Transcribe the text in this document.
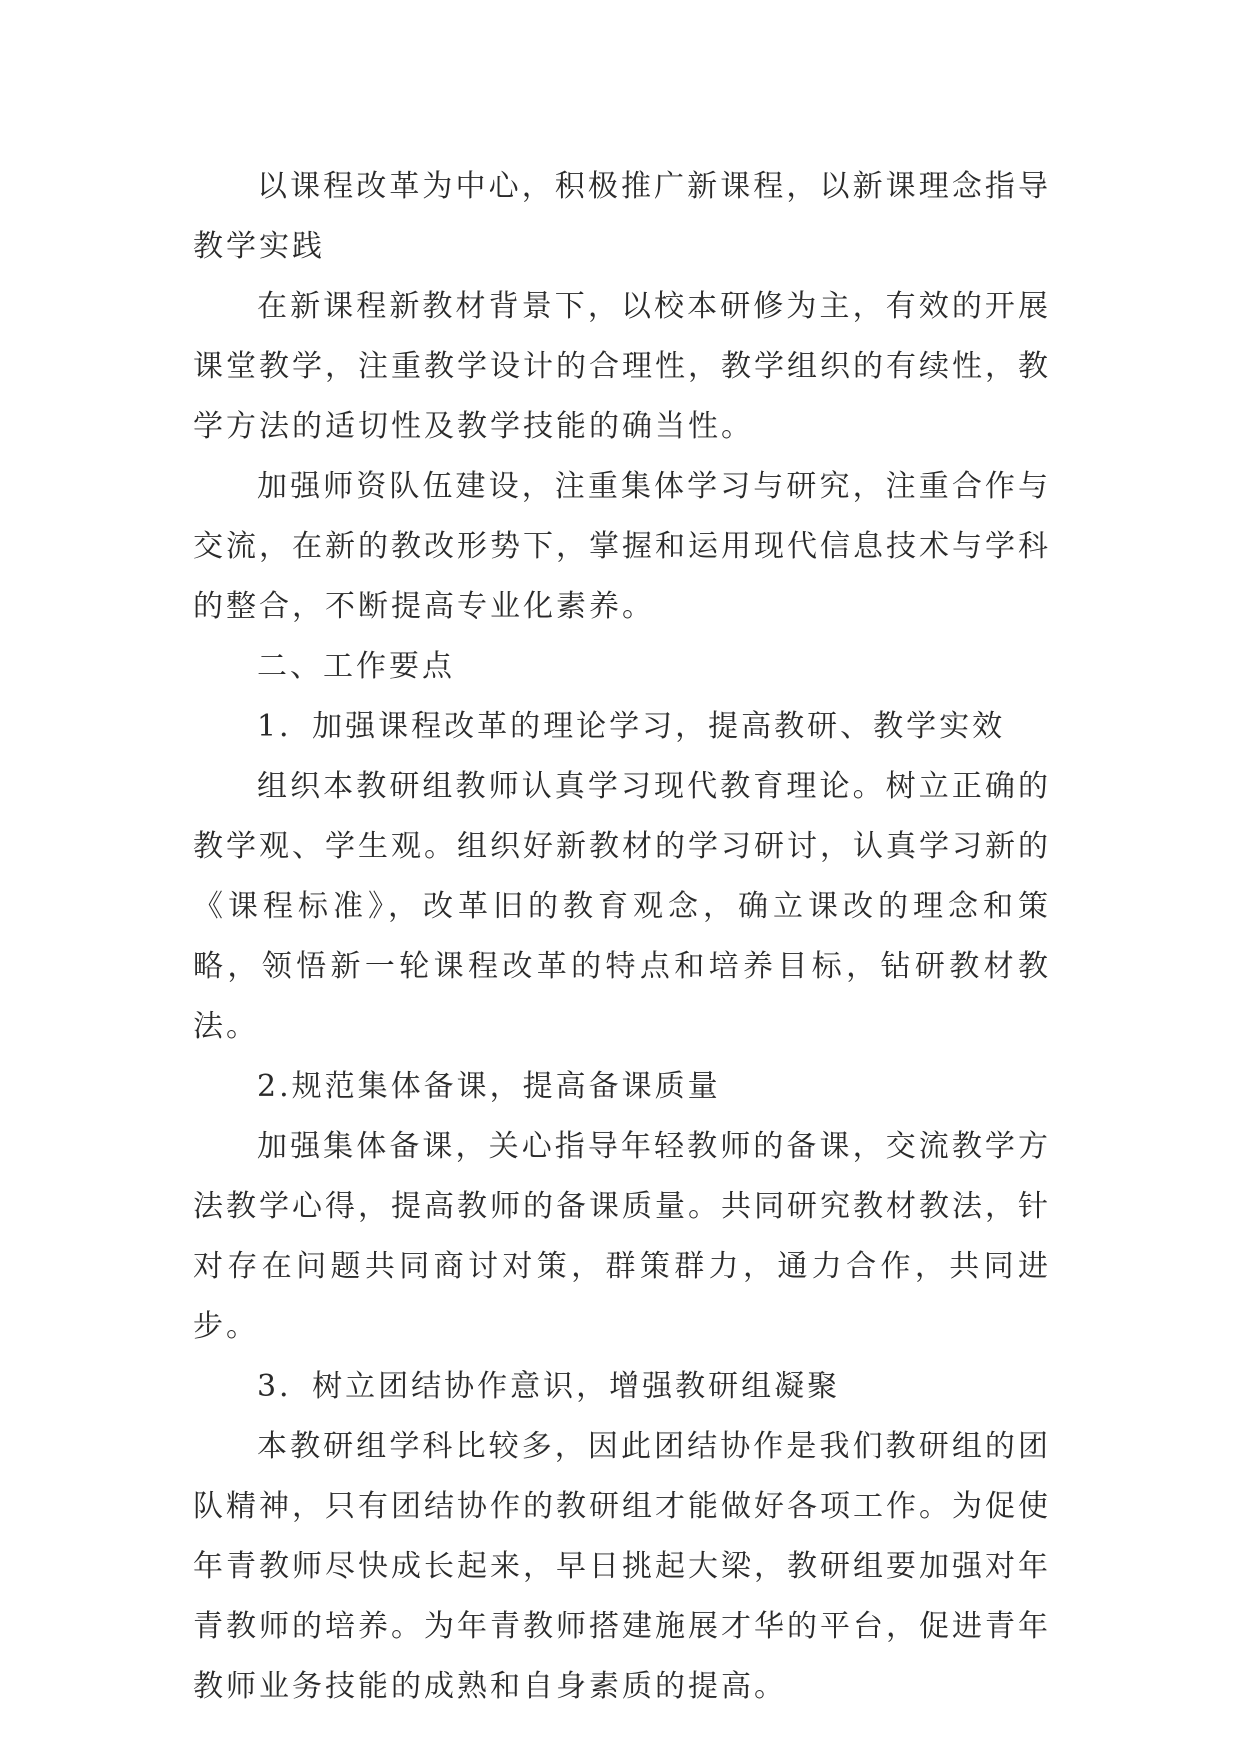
以课程改革为中心，积极推广新课程，以新课理念指导教学实践

在新课程新教材背景下，以校本研修为主，有效的开展课堂教学，注重教学设计的合理性，教学组织的有续性，教学方法的适切性及教学技能的确当性。

加强师资队伍建设，注重集体学习与研究，注重合作与交流，在新的教改形势下，掌握和运用现代信息技术与学科的整合，不断提高专业化素养。

二、工作要点

1．加强课程改革的理论学习，提高教研、教学实效

组织本教研组教师认真学习现代教育理论。树立正确的教学观、学生观。组织好新教材的学习研讨，认真学习新的《课程标准》，改革旧的教育观念，确立课改的理念和策略，领悟新一轮课程改革的特点和培养目标，钻研教材教法。

2.规范集体备课，提高备课质量

加强集体备课，关心指导年轻教师的备课，交流教学方法教学心得，提高教师的备课质量。共同研究教材教法，针对存在问题共同商讨对策，群策群力，通力合作，共同进步。

3．树立团结协作意识，增强教研组凝聚

本教研组学科比较多，因此团结协作是我们教研组的团队精神，只有团结协作的教研组才能做好各项工作。为促使年青教师尽快成长起来，早日挑起大梁，教研组要加强对年青教师的培养。为年青教师搭建施展才华的平台，促进青年教师业务技能的成熟和自身素质的提高。
